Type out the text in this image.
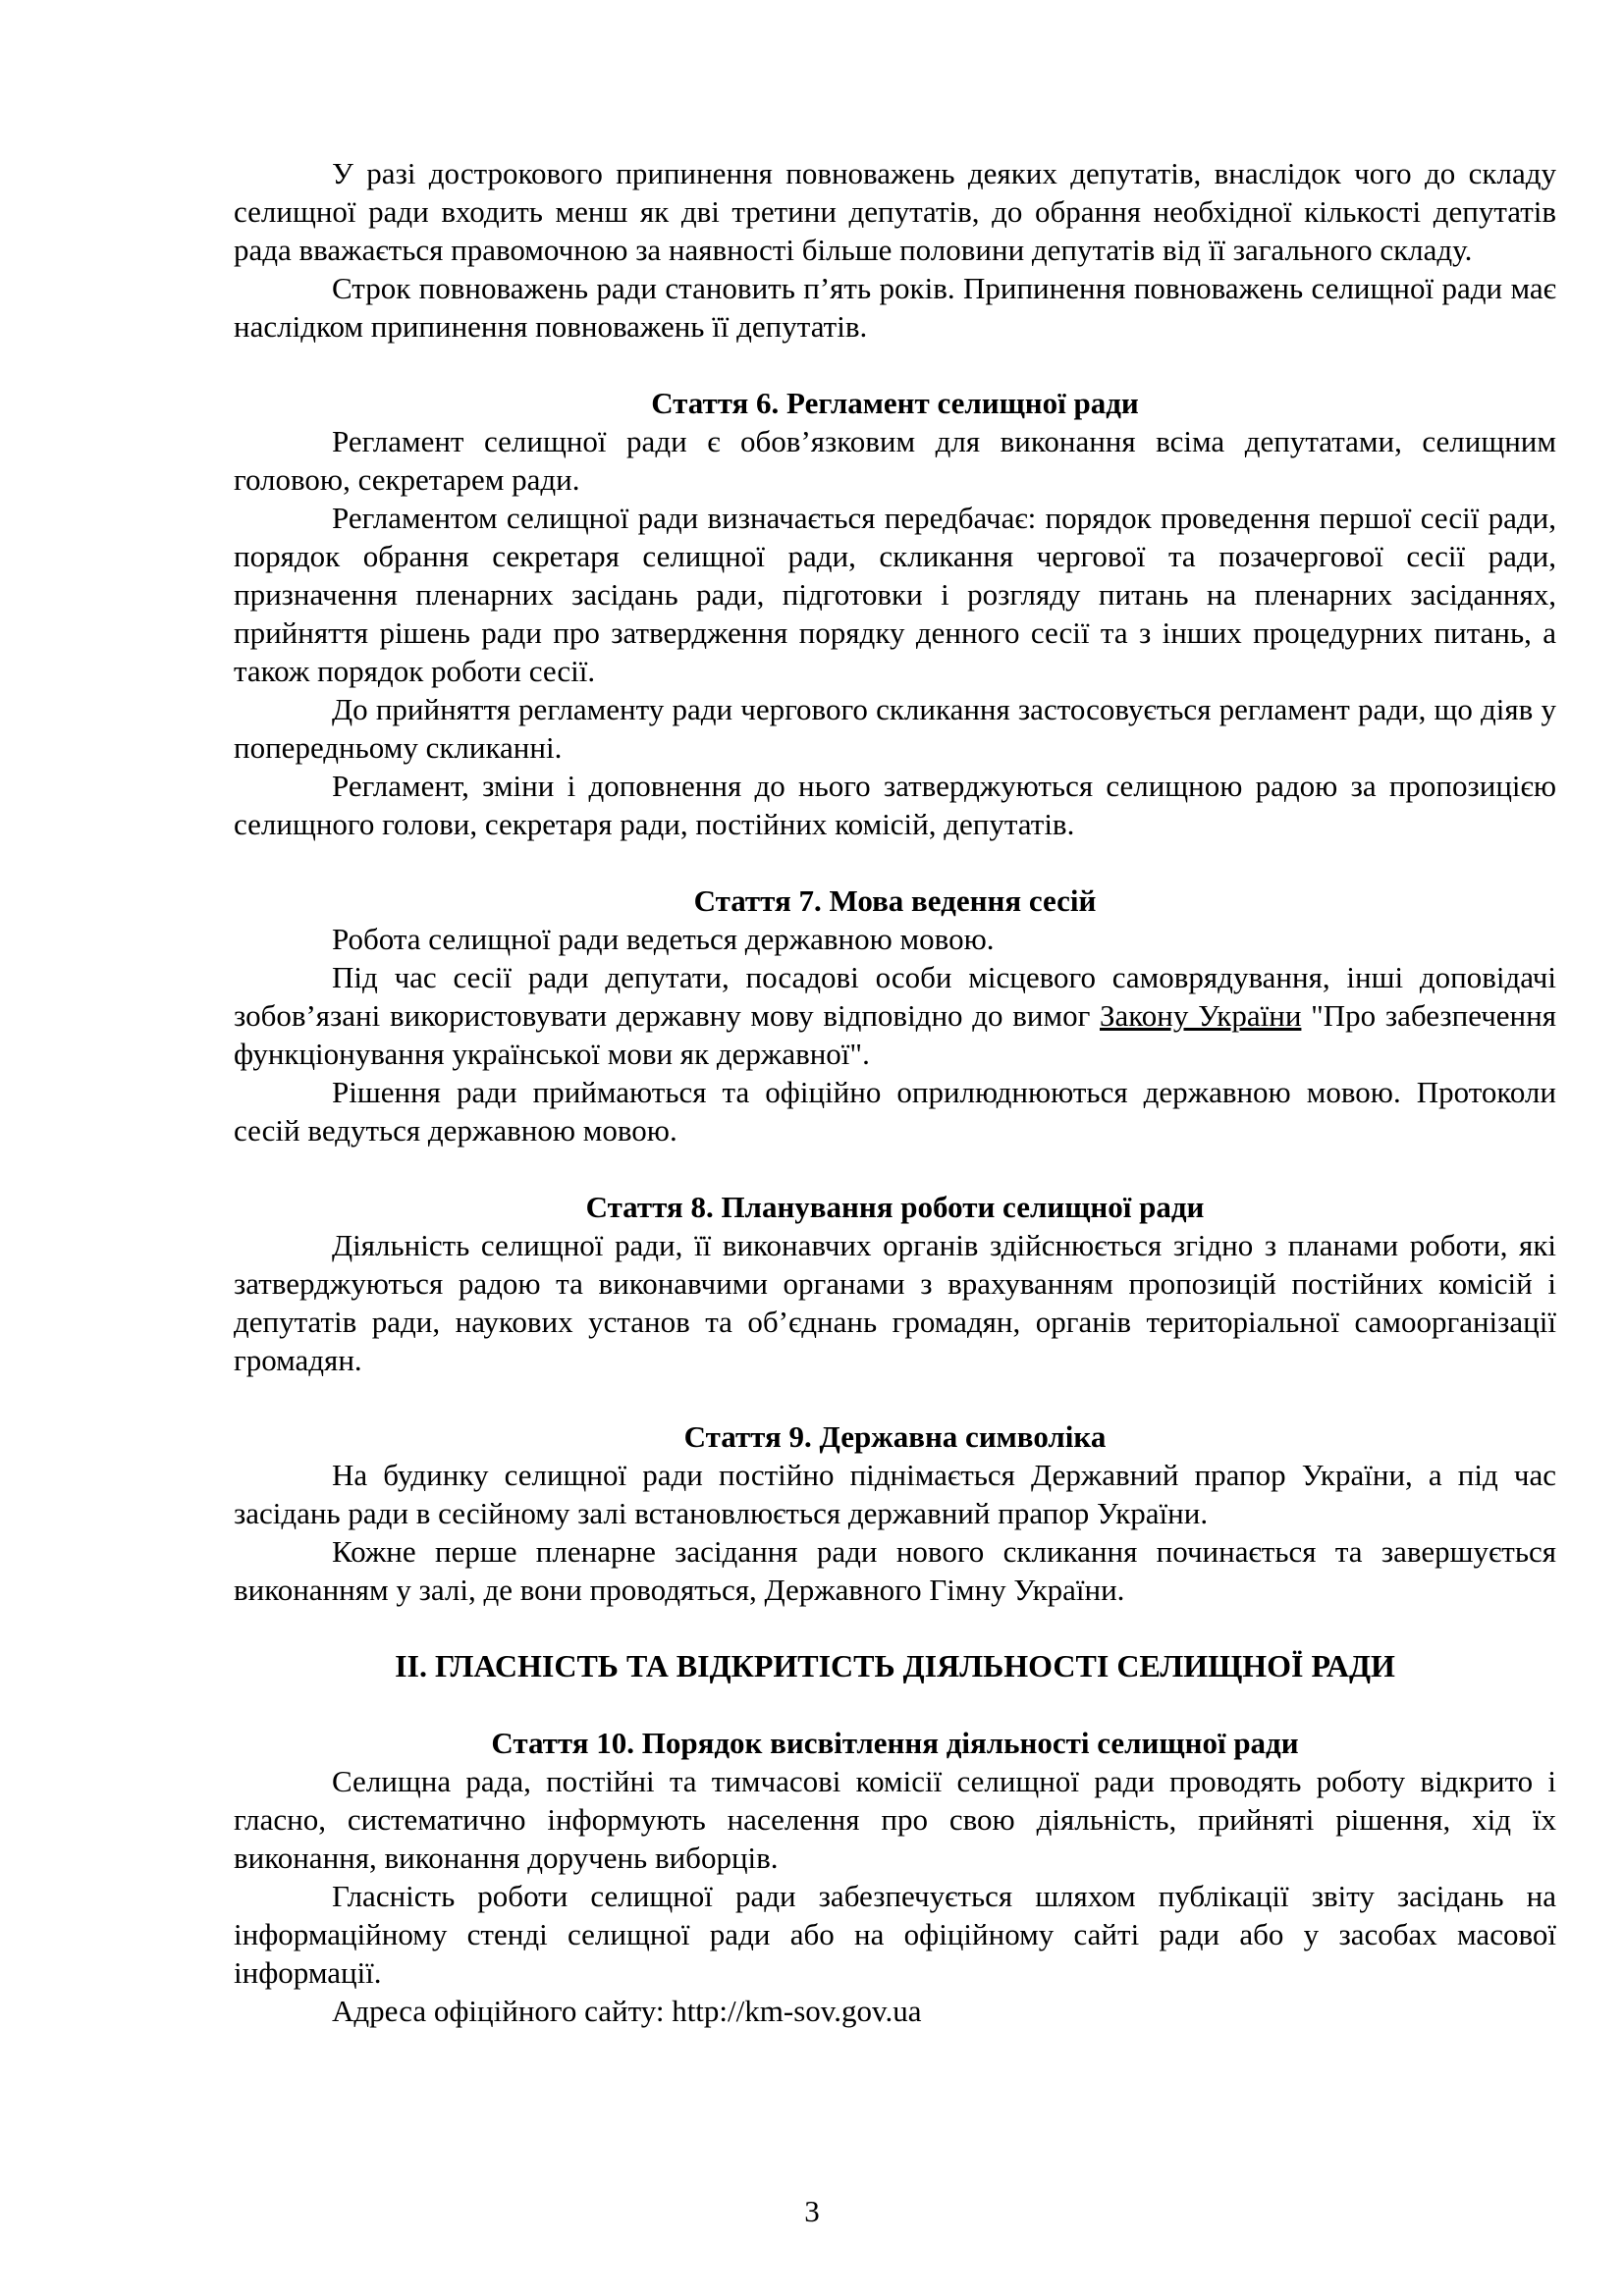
У разі дострокового припинення повноважень деяких депутатів, внаслідок чого до складу селищної ради входить менш як дві третини депутатів, до обрання необхідної кількості депутатів рада вважається правомочною за наявності більше половини депутатів від її загального складу.

Строк повноважень ради становить п’ять років. Припинення повноважень селищної ради має наслідком припинення повноважень її депутатів.

Стаття 6. Регламент селищної ради

Регламент селищної ради є обов’язковим для виконання всіма депутатами, селищним головою, секретарем ради.

Регламентом селищної ради визначається передбачає: порядок проведення першої сесії ради, порядок обрання секретаря селищної ради, скликання чергової та позачергової сесії ради, призначення пленарних засідань ради, підготовки і розгляду питань на пленарних засіданнях, прийняття рішень ради про затвердження порядку денного сесії та з інших процедурних питань, а також порядок роботи сесії.

До прийняття регламенту ради чергового скликання застосовується регламент ради, що діяв у попередньому скликанні.

Регламент, зміни і доповнення до нього затверджуються селищною радою за пропозицією селищного голови, секретаря ради, постійних комісій, депутатів.

Стаття 7. Мова ведення сесій

Робота селищної ради ведеться державною мовою.

Під час сесії ради депутати, посадові особи місцевого самоврядування, інші доповідачі зобов’язані використовувати державну мову відповідно до вимог Закону України "Про забезпечення функціонування української мови як державної".

Рішення ради приймаються та офіційно оприлюднюються державною мовою. Протоколи сесій ведуться державною мовою.

Стаття 8. Планування роботи селищної ради

Діяльність селищної ради, її виконавчих органів здійснюється згідно з планами роботи, які затверджуються радою та виконавчими органами з врахуванням пропозицій постійних комісій і депутатів ради, наукових установ та об’єднань громадян, органів територіальної самоорганізації громадян.

Стаття 9. Державна символіка

На будинку селищної ради постійно піднімається Державний прапор України, а під час засідань ради в сесійному залі встановлюється державний прапор України.

Кожне перше пленарне засідання ради нового скликання починається та завершується виконанням у залі, де вони проводяться, Державного Гімну України.

ІІ. ГЛАСНІСТЬ ТА ВІДКРИТІСТЬ ДІЯЛЬНОСТІ СЕЛИЩНОЇ РАДИ

Стаття 10. Порядок висвітлення діяльності селищної ради

Селищна рада, постійні та тимчасові комісії селищної ради проводять роботу відкрито і гласно, систематично інформують населення про свою діяльність, прийняті рішення, хід їх виконання, виконання доручень виборців.

Гласність роботи селищної ради забезпечується шляхом публікації звіту засідань на інформаційному стенді селищної ради або на офіційному сайті ради або у засобах масової інформації.

Адреса офіційного сайту: http://km-sov.gov.ua

3
